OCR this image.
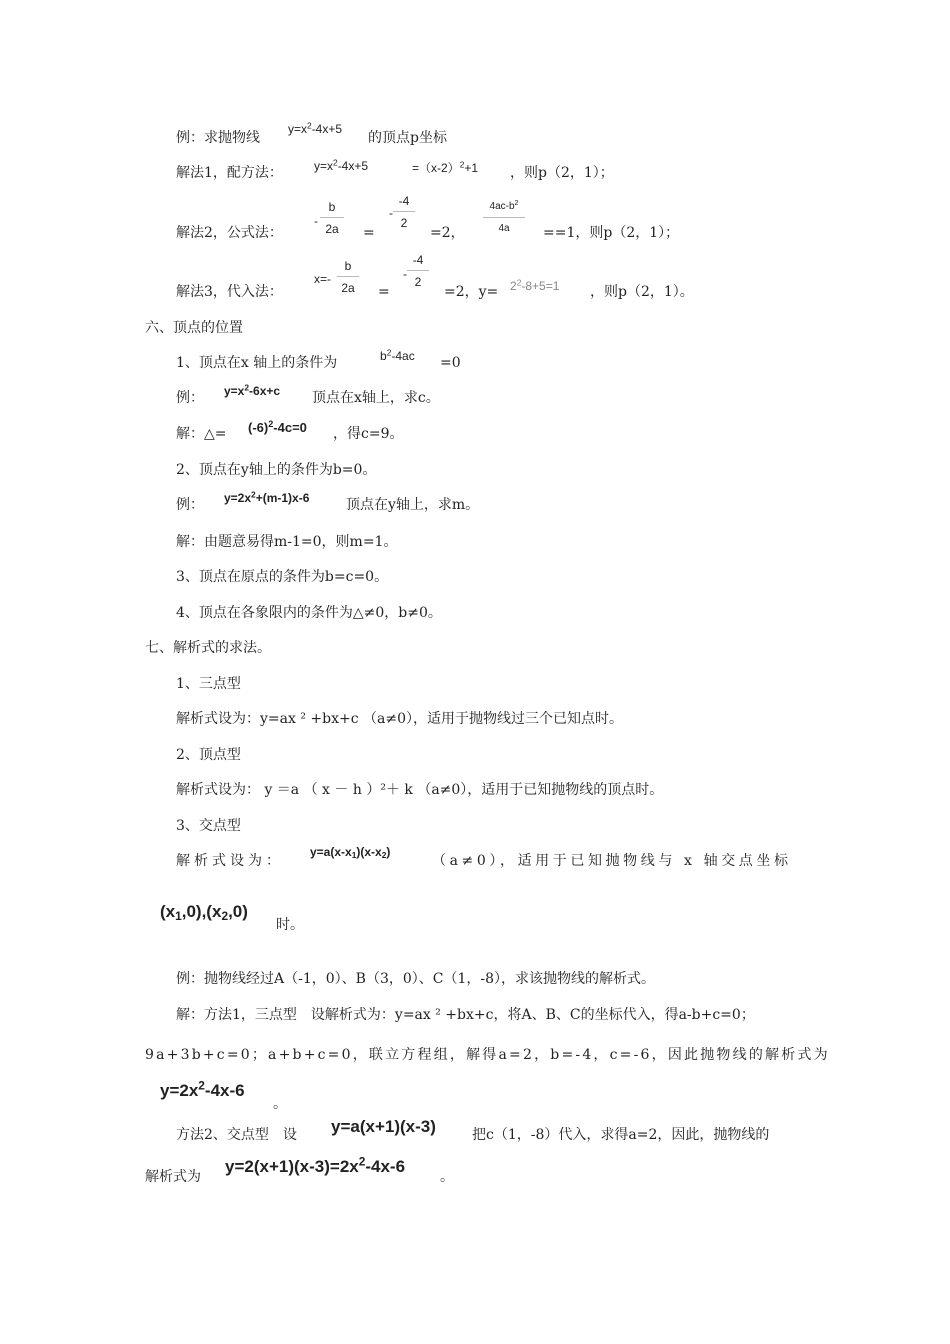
例：求抛物线
$y=x^2-4x+5$
的顶点p坐标
解法1，配方法：	$y=x^2-4x+5$	$=(x-2)^2+1$ ，则p（2，1）；
解法2，公式法：
-
b
2a	=
-
-4
2
=2，
$4ac-b^2$
4a	==1，则p（2，1）；
解法3，代入法：
x=-
b
2a	=
-
-4
2
=2，$y= 2^2-8+5=1$ ，则p（2，1）。
六、顶点的位置
1、顶点在x 轴上的条件为	$b^2-4ac =0$
例： $y=x^2-6x+c$ 顶点在x轴上，求c。
解：△= $(-6)^2-4c=0$ ，得c=9。
2、顶点在y轴上的条件为b=0。
例： $y=2x^2+(m-1)x-6$	顶点在y轴上，求m。
解：由题意易得m-1=0，则m=1。
3、顶点在原点的条件为b=c=0。
4、顶点在各象限内的条件为△≠0，b≠0。
七、解析式的求法。
1、三点型
解析式设为：y=ax ² +bx+c （a≠0），适用于抛物线过三个已知点时。
2、顶点型
解析式设为： y ＝a （ x － h ）²＋ k （a≠0），适用于已知抛物线的顶点时。
3、交点型
解析式设为：
$y=a(x-x_1)(x-x_2)$
（a≠0），适用于已知抛物线与 x 轴交点坐标
$(x_1,0),(x_2,0)$
时。
例：抛物线经过A（-1，0）、B（3，0）、C（1，-8），求该抛物线的解析式。
解：方法1，三点型　设解析式为：y=ax ² +bx+c，将A、B、C的坐标代入，得a-b+c=0；
9a+3b+c=0；a+b+c=0，联立方程组，解得a=2，b=-4，c=-6，因此抛物线的解析式为
$y=2x^2-4x-6$
。
方法2、交点型　设 y=a(x+1)(x-3)	把c（1，-8）代入，求得a=2，因此，抛物线的
解析式为
$y=2(x+1)(x-3)=2x^2-4x-6$
。
